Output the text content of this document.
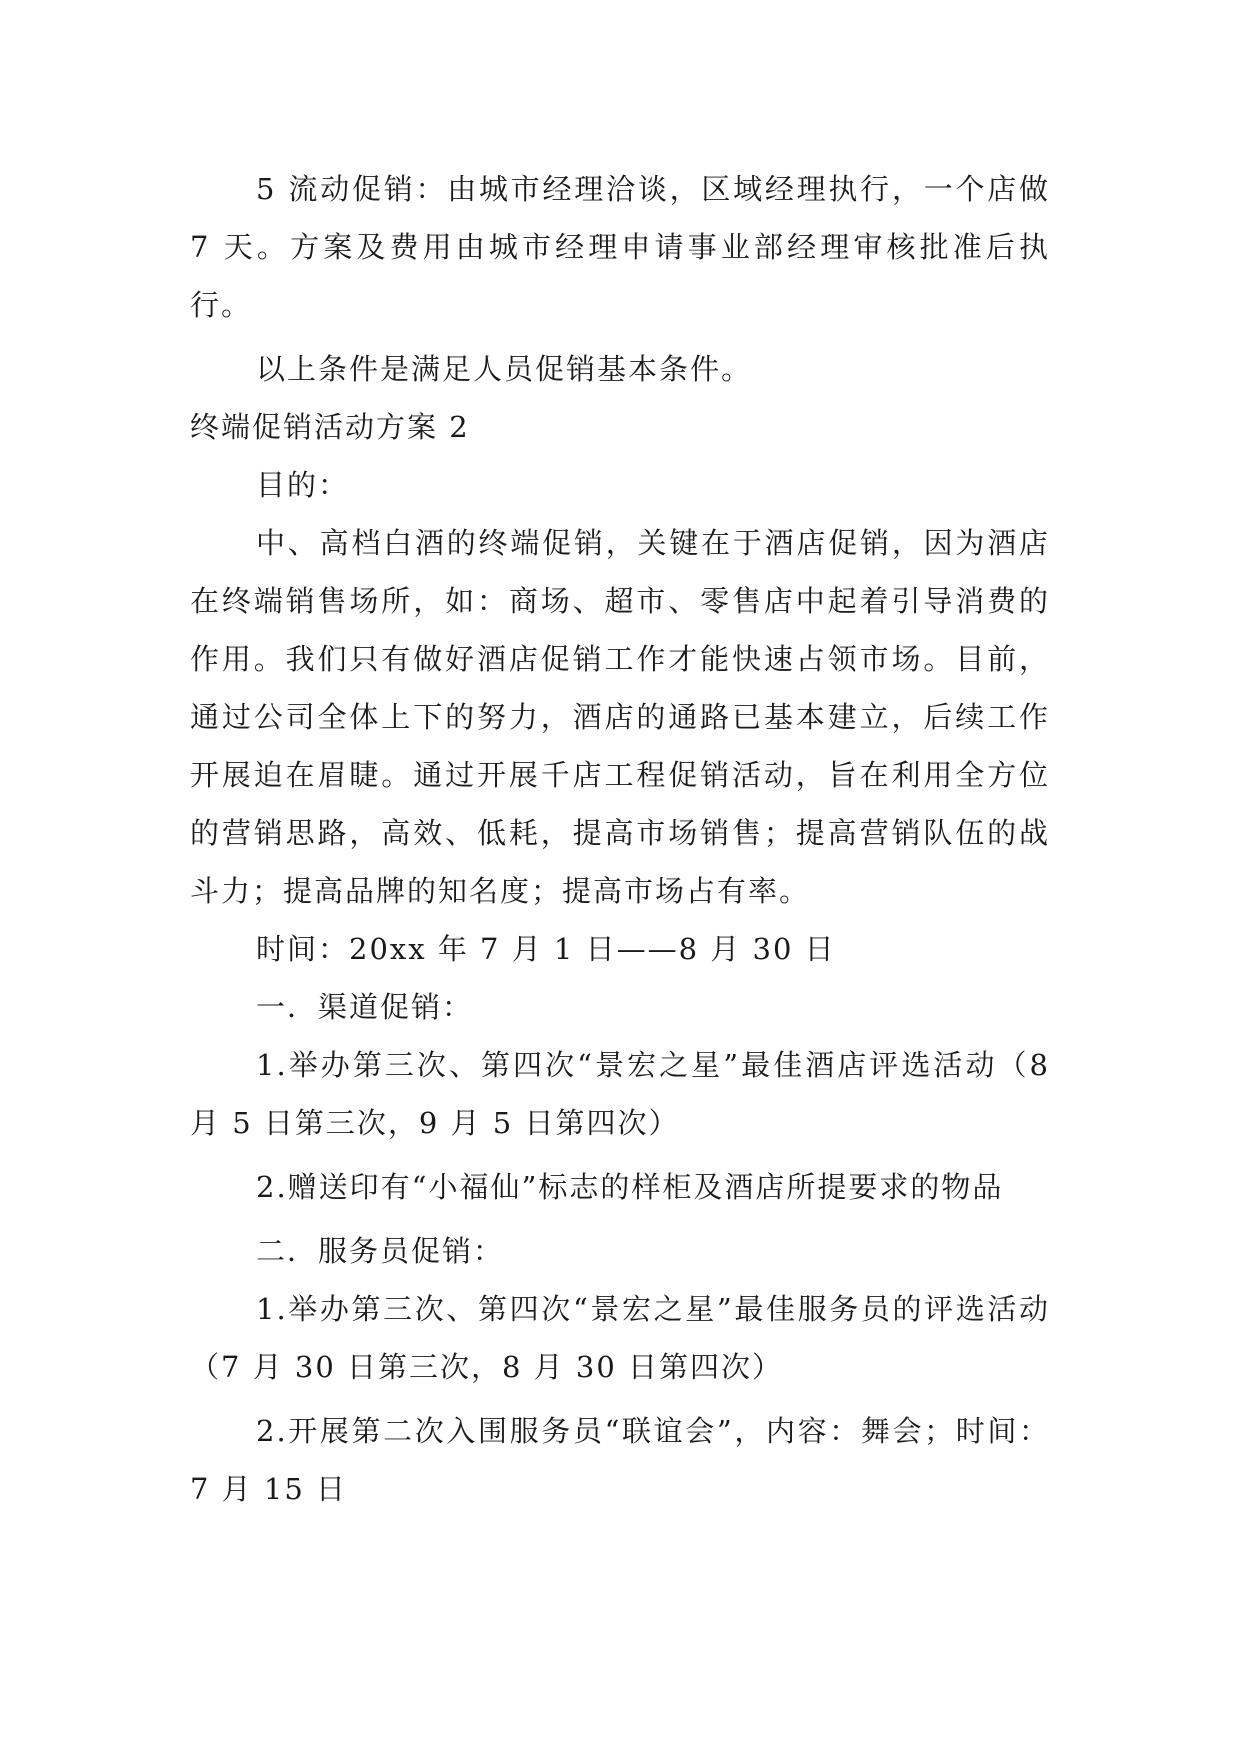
5 流动促销：由城市经理洽谈，区域经理执行，一个店做 7 天。方案及费用由城市经理申请事业部经理审核批准后执行。

以上条件是满足人员促销基本条件。

终端促销活动方案 2

目的：

中、高档白酒的终端促销，关键在于酒店促销，因为酒店在终端销售场所，如：商场、超市、零售店中起着引导消费的作用。我们只有做好酒店促销工作才能快速占领市场。目前，通过公司全体上下的努力，酒店的通路已基本建立，后续工作开展迫在眉睫。通过开展千店工程促销活动，旨在利用全方位的营销思路，高效、低耗，提高市场销售；提高营销队伍的战斗力；提高品牌的知名度；提高市场占有率。

时间：20xx 年 7 月 1 日——8 月 30 日

一．渠道促销：

1.举办第三次、第四次“景宏之星”最佳酒店评选活动（8 月 5 日第三次，9 月 5 日第四次）

2.赠送印有“小福仙”标志的样柜及酒店所提要求的物品

二．服务员促销：

1.举办第三次、第四次“景宏之星”最佳服务员的评选活动（7 月 30 日第三次，8 月 30 日第四次）

2.开展第二次入围服务员“联谊会”，内容：舞会；时间：7 月 15 日
